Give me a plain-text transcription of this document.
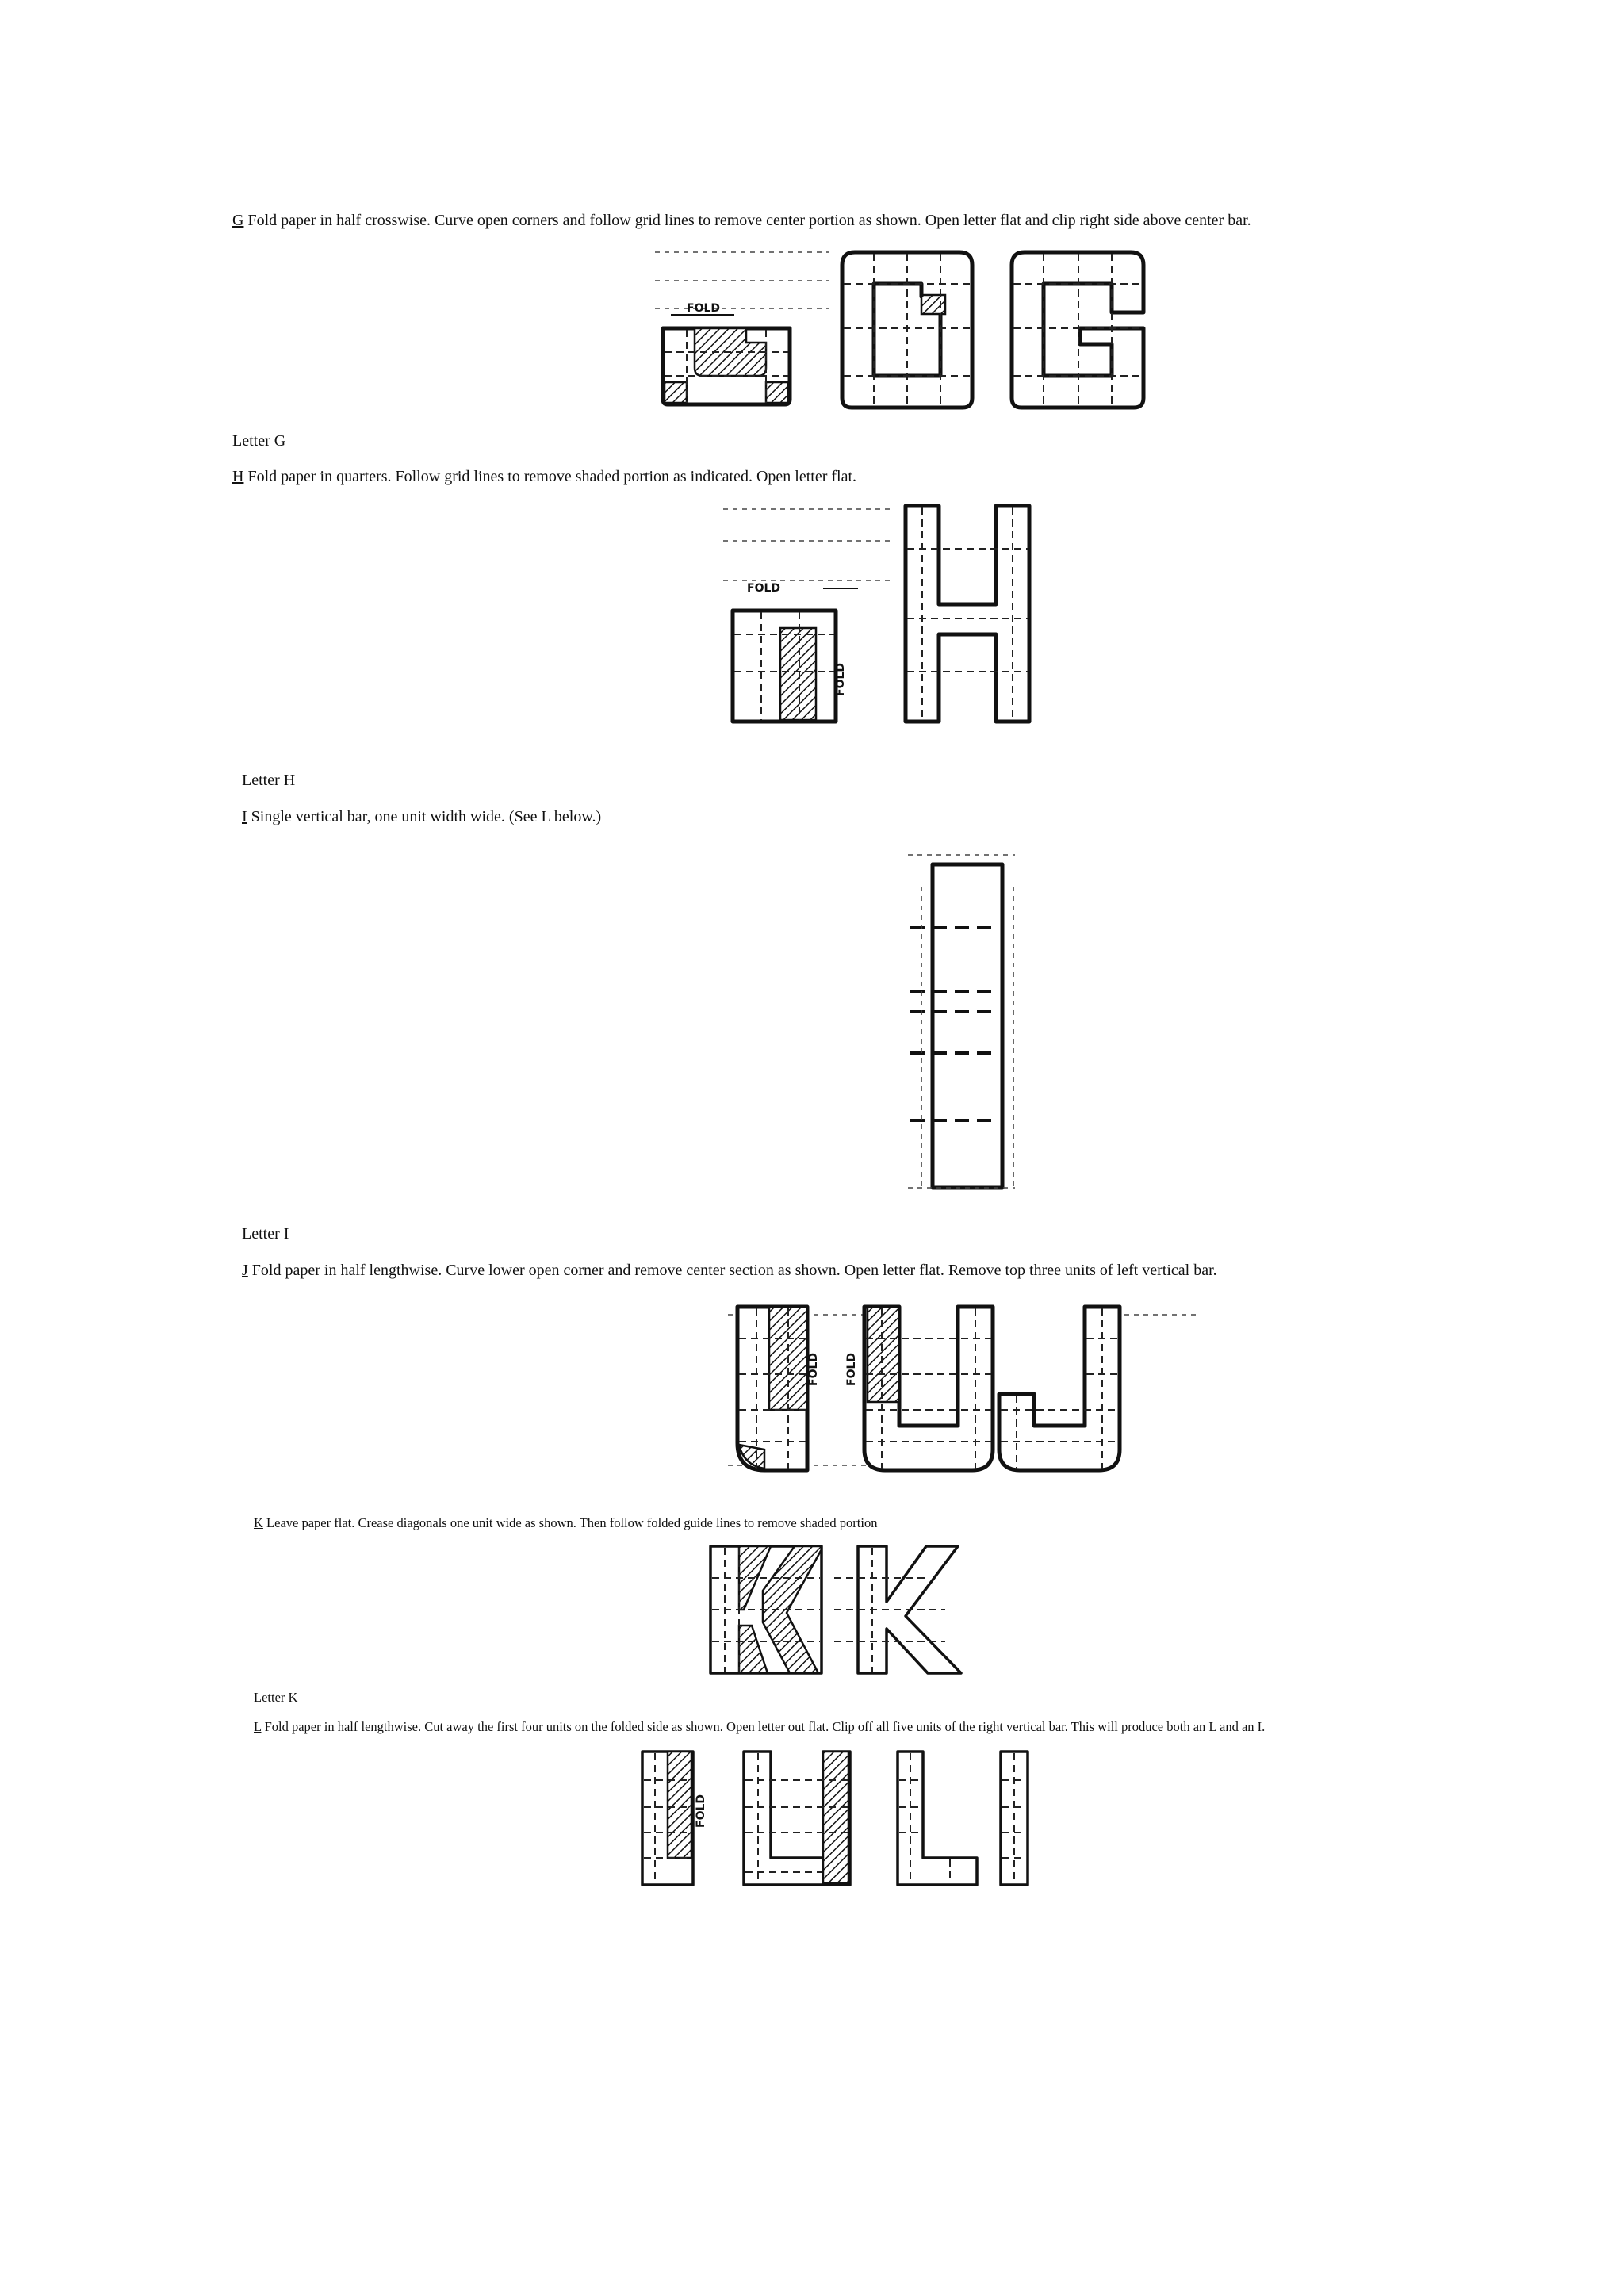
G Fold paper in half crosswise. Curve open corners and follow grid lines to remove center portion as shown. Open letter flat and clip right side above center bar.
FOLD
Letter G
H Fold paper in quarters. Follow grid lines to remove shaded portion as indicated. Open letter flat.
FOLD
FOLD
Letter H
I Single vertical bar, one unit width wide. (See L below.)
Letter I
J Fold paper in half lengthwise. Curve lower open corner and remove center section as shown. Open letter flat. Remove top three units of left vertical bar.
FOLD FOLD
K Leave paper flat. Crease diagonals one unit wide as shown. Then follow folded guide lines to remove shaded portion
Letter K
L Fold paper in half lengthwise. Cut away the first four units on the folded side as shown. Open letter out flat. Clip off all five units of the right vertical bar. This will produce both an L and an I.
FOLD
